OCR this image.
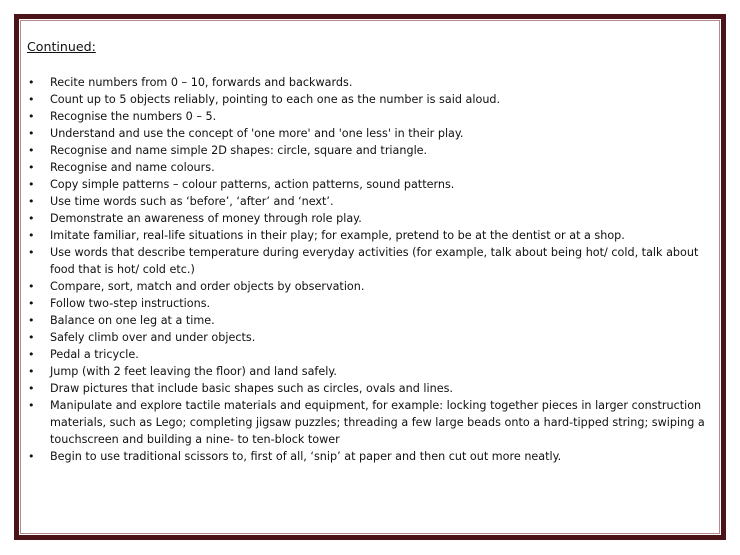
Continued:
• Recite numbers from 0 – 10, forwards and backwards.
• Count up to 5 objects reliably, pointing to each one as the number is said aloud.
• Recognise the numbers 0 – 5.
• Understand and use the concept of 'one more' and 'one less' in their play.
• Recognise and name simple 2D shapes: circle, square and triangle.
• Recognise and name colours.
• Copy simple patterns – colour patterns, action patterns, sound patterns.
• Use time words such as ‘before’, ‘after’ and ‘next’.
• Demonstrate an awareness of money through role play.
• Imitate familiar, real-life situations in their play; for example, pretend to be at the dentist or at a shop.
• Use words that describe temperature during everyday activities (for example, talk about being hot/ cold, talk about food that is hot/ cold etc.)
• Compare, sort, match and order objects by observation.
• Follow two-step instructions.
• Balance on one leg at a time.
• Safely climb over and under objects.
• Pedal a tricycle.
• Jump (with 2 feet leaving the floor) and land safely.
• Draw pictures that include basic shapes such as circles, ovals and lines.
• Manipulate and explore tactile materials and equipment, for example: locking together pieces in larger construction materials, such as Lego; completing jigsaw puzzles; threading a few large beads onto a hard-tipped string; swiping a touchscreen and building a nine- to ten-block tower
• Begin to use traditional scissors to, first of all, ‘snip’ at paper and then cut out more neatly.
